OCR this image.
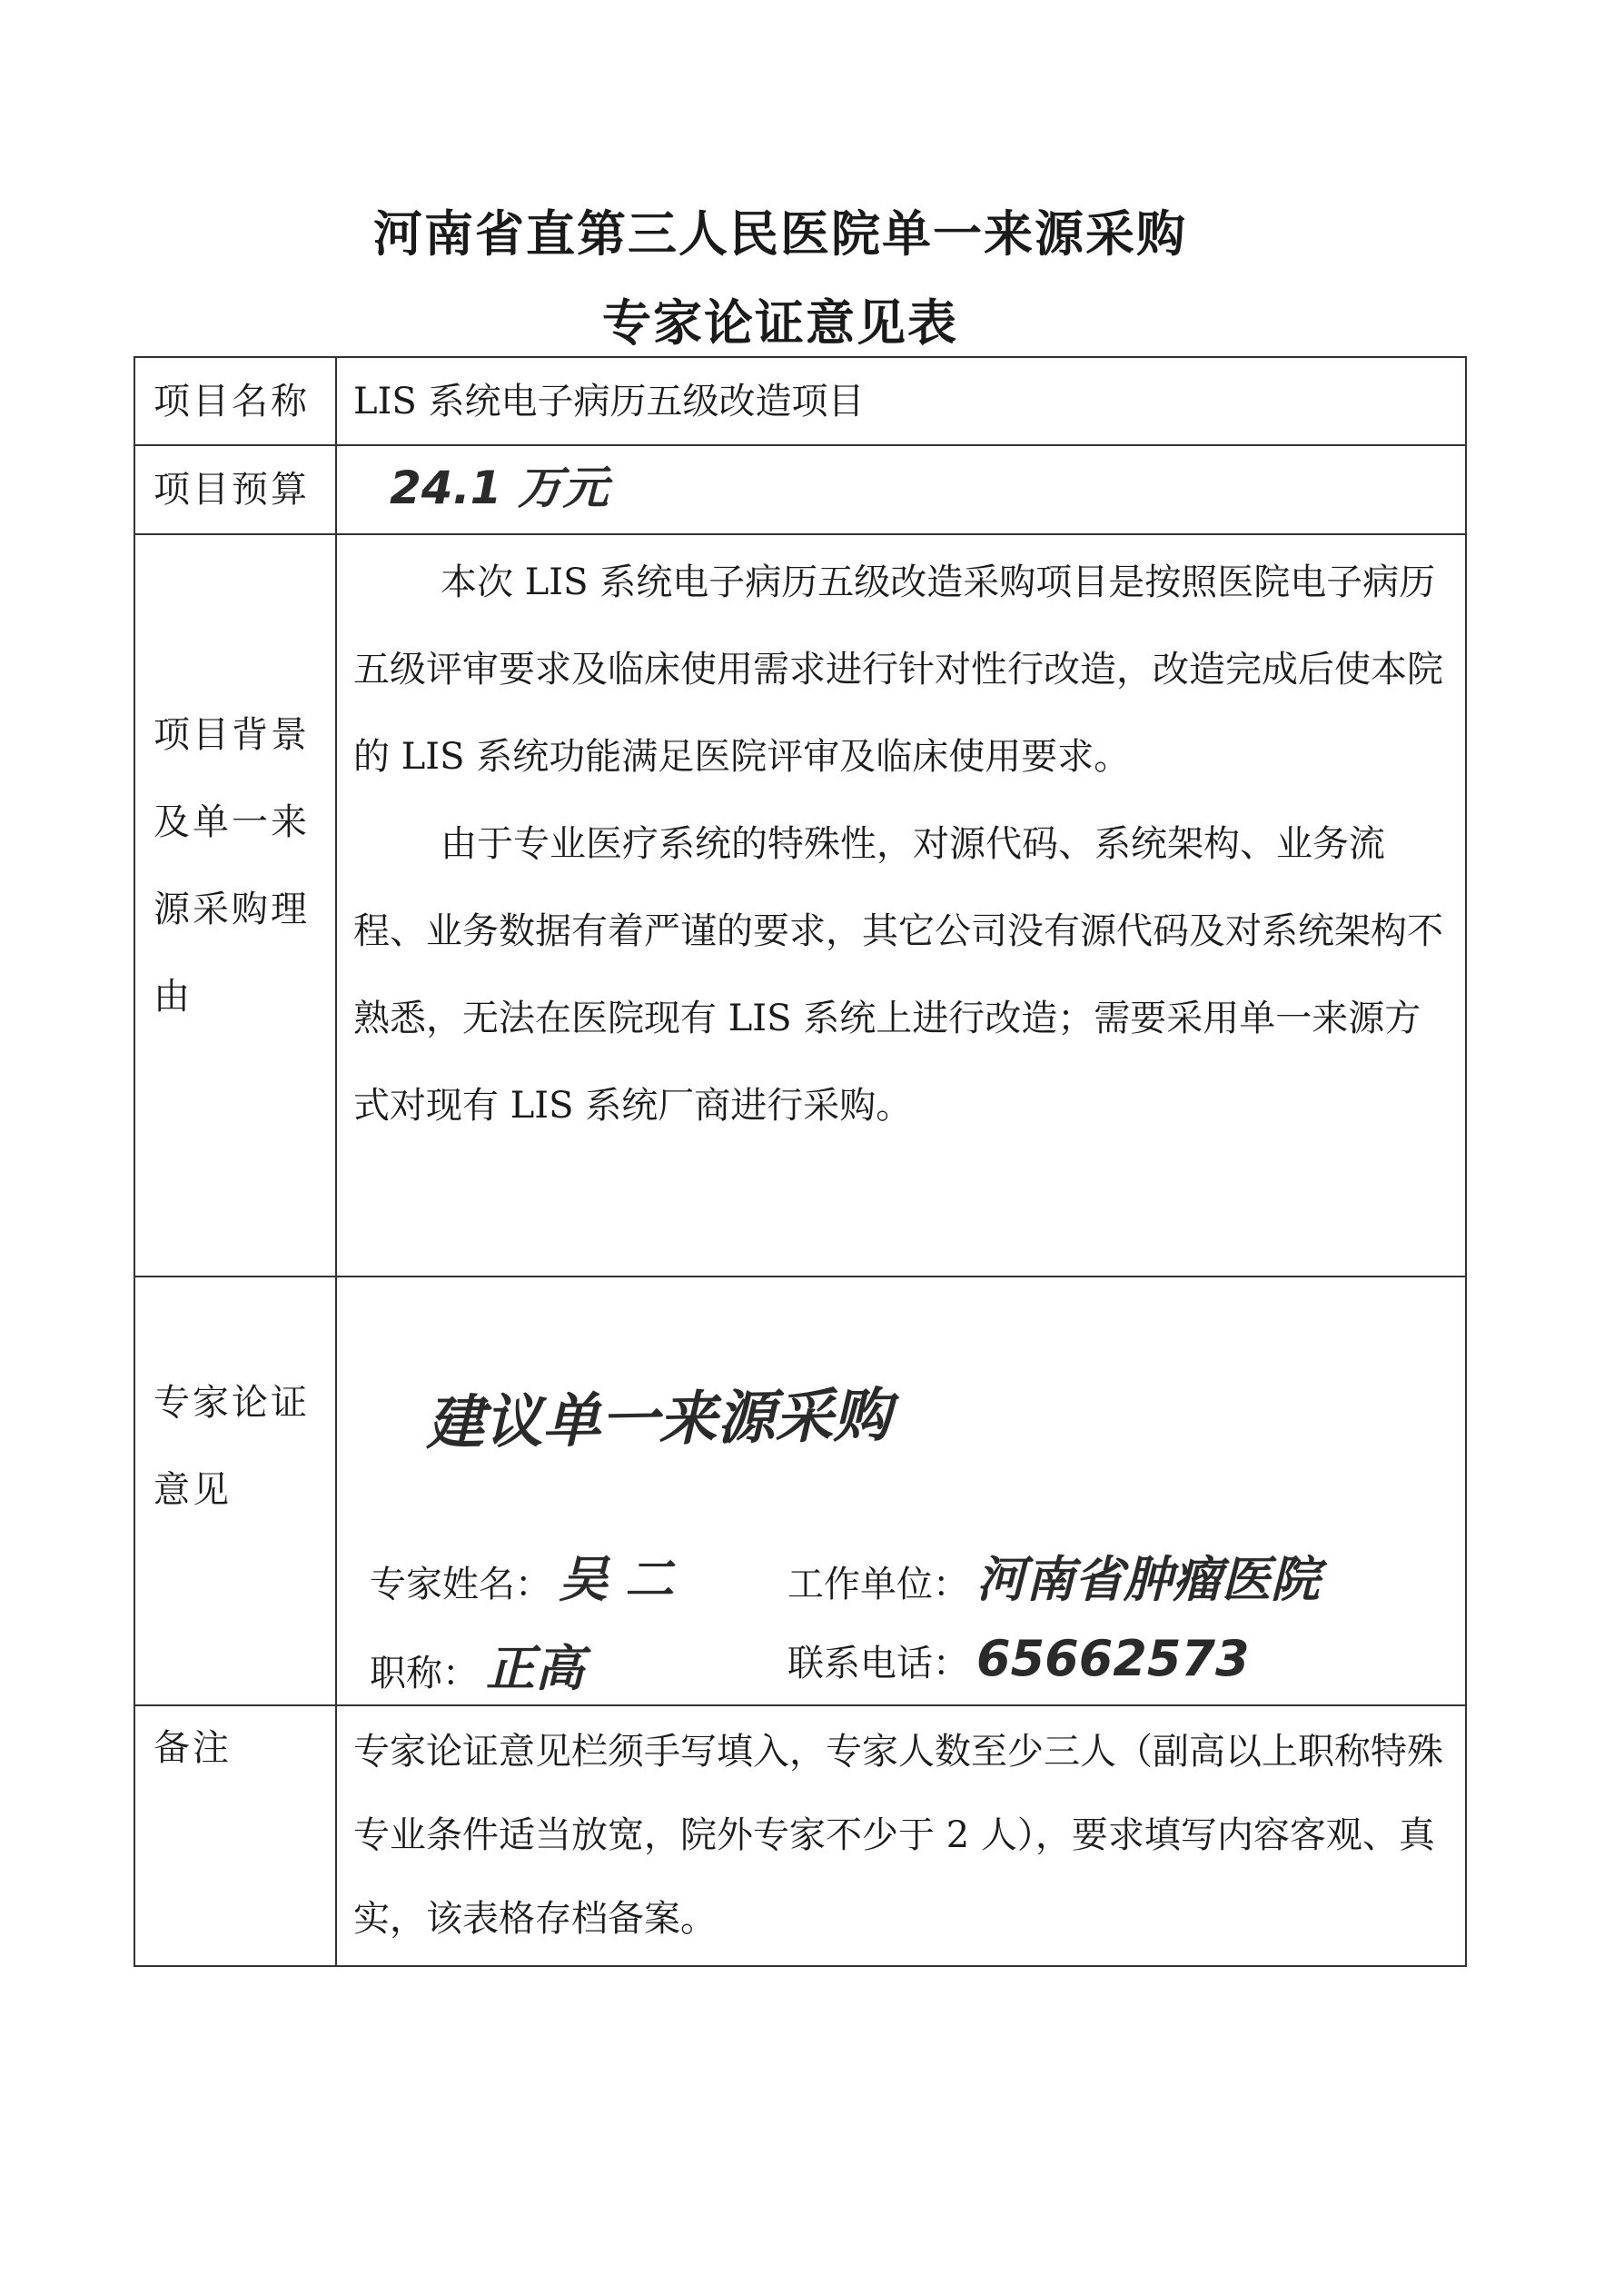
河南省直第三人民医院单一来源采购
专家论证意见表
项目名称	LIS 系统电子病历五级改造项目
项目预算	24.1 万元

项目背景及单一来源采购理由	本次 LIS 系统电子病历五级改造采购项目是按照医院电子病历五级评审要求及临床使用需求进行针对性行改造，改造完成后使本院的 LIS 系统功能满足医院评审及临床使用要求。

由于专业医疗系统的特殊性，对源代码、系统架构、业务流程、业务数据有着严谨的要求，其它公司没有源代码及对系统架构不熟悉，无法在医院现有 LIS 系统上进行改造；需要采用单一来源方式对现有 LIS 系统厂商进行采购。

专家论证意见	建议单一来源采购
专家姓名： 吴 二 工作单位： 河南省肿瘤医院
职称： 正高 联系电话： 65662573

备注	专家论证意见栏须手写填入，专家人数至少三人（副高以上职称特殊专业条件适当放宽，院外专家不少于 2 人），要求填写内容客观、真实，该表格存档备案。
